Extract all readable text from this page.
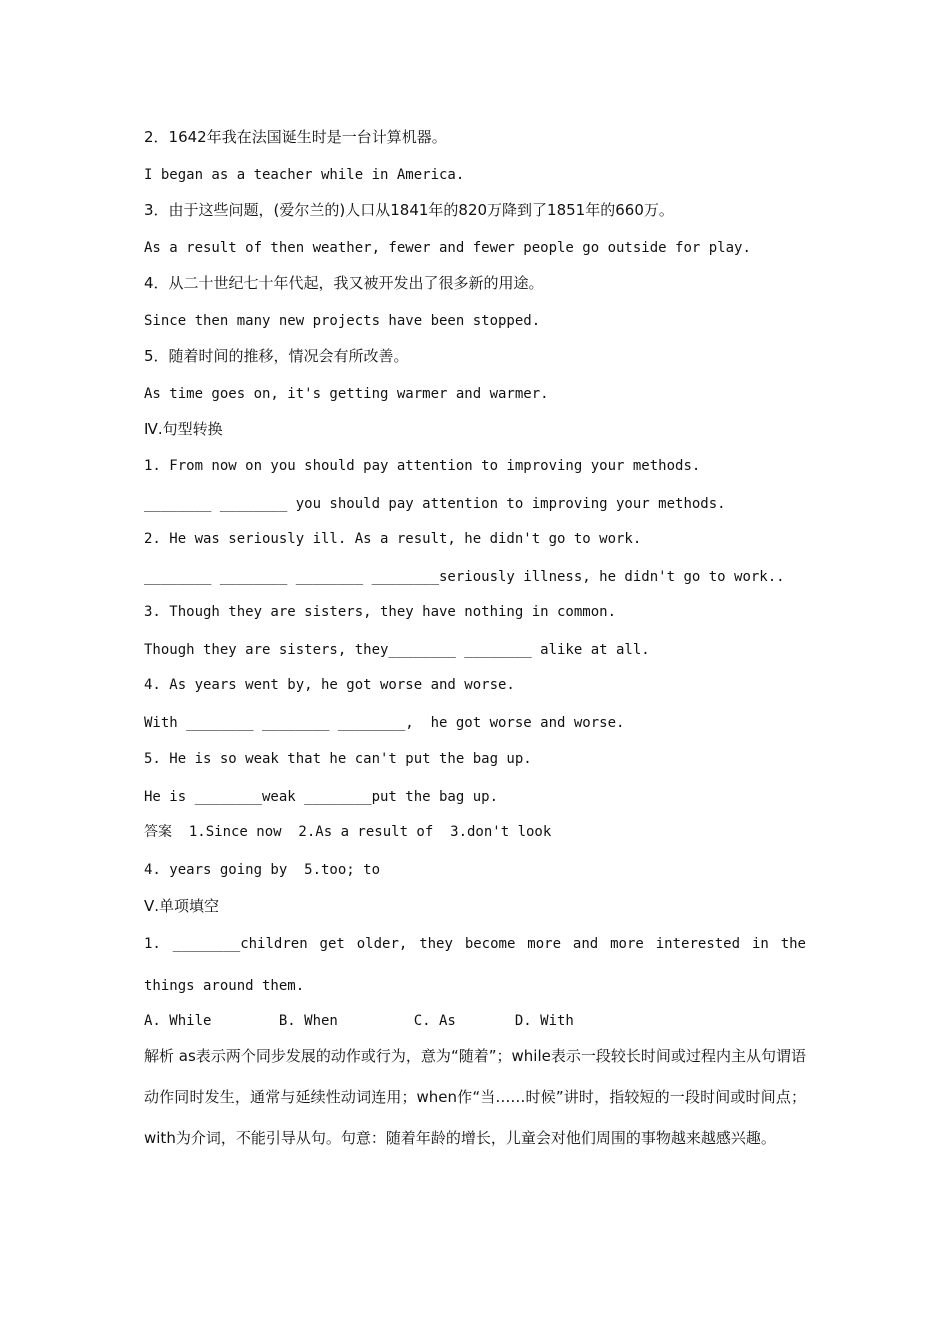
2．1642年我在法国诞生时是一台计算机器。
I began as a teacher while in America.
3．由于这些问题，(爱尔兰的)人口从1841年的820万降到了1851年的660万。
As a result of then weather, fewer and fewer people go outside for play.
4．从二十世纪七十年代起，我又被开发出了很多新的用途。
Since then many new projects have been stopped.
5．随着时间的推移，情况会有所改善。
As time goes on, it's getting warmer and warmer.
Ⅳ.句型转换
1. From now on you should pay attention to improving your methods.
________ ________ you should pay attention to improving your methods.
2. He was seriously ill. As a result, he didn't go to work.
________ ________ ________ ________seriously illness, he didn't go to work..
3. Though they are sisters, they have nothing in common.
Though they are sisters, they________ ________ alike at all.
4. As years went by, he got worse and worse.
With ________ ________ ________,  he got worse and worse.
5. He is so weak that he can't put the bag up.
He is ________weak ________put the bag up.
答案  1.Since now  2.As a result of  3.don't look
4. years going by  5.too; to
Ⅴ.单项填空
1. ________children get older, they become more and more interested in the
things around them.
A. While        B. When         C. As       D. With
解析 as表示两个同步发展的动作或行为，意为“随着”；while表示一段较长时间或过程内主从句谓语动作同时发生，通常与延续性动词连用；when作“当……时候”讲时，指较短的一段时间或时间点；with为介词，不能引导从句。句意：随着年龄的增长，儿童会对他们周围的事物越来越感兴趣。
